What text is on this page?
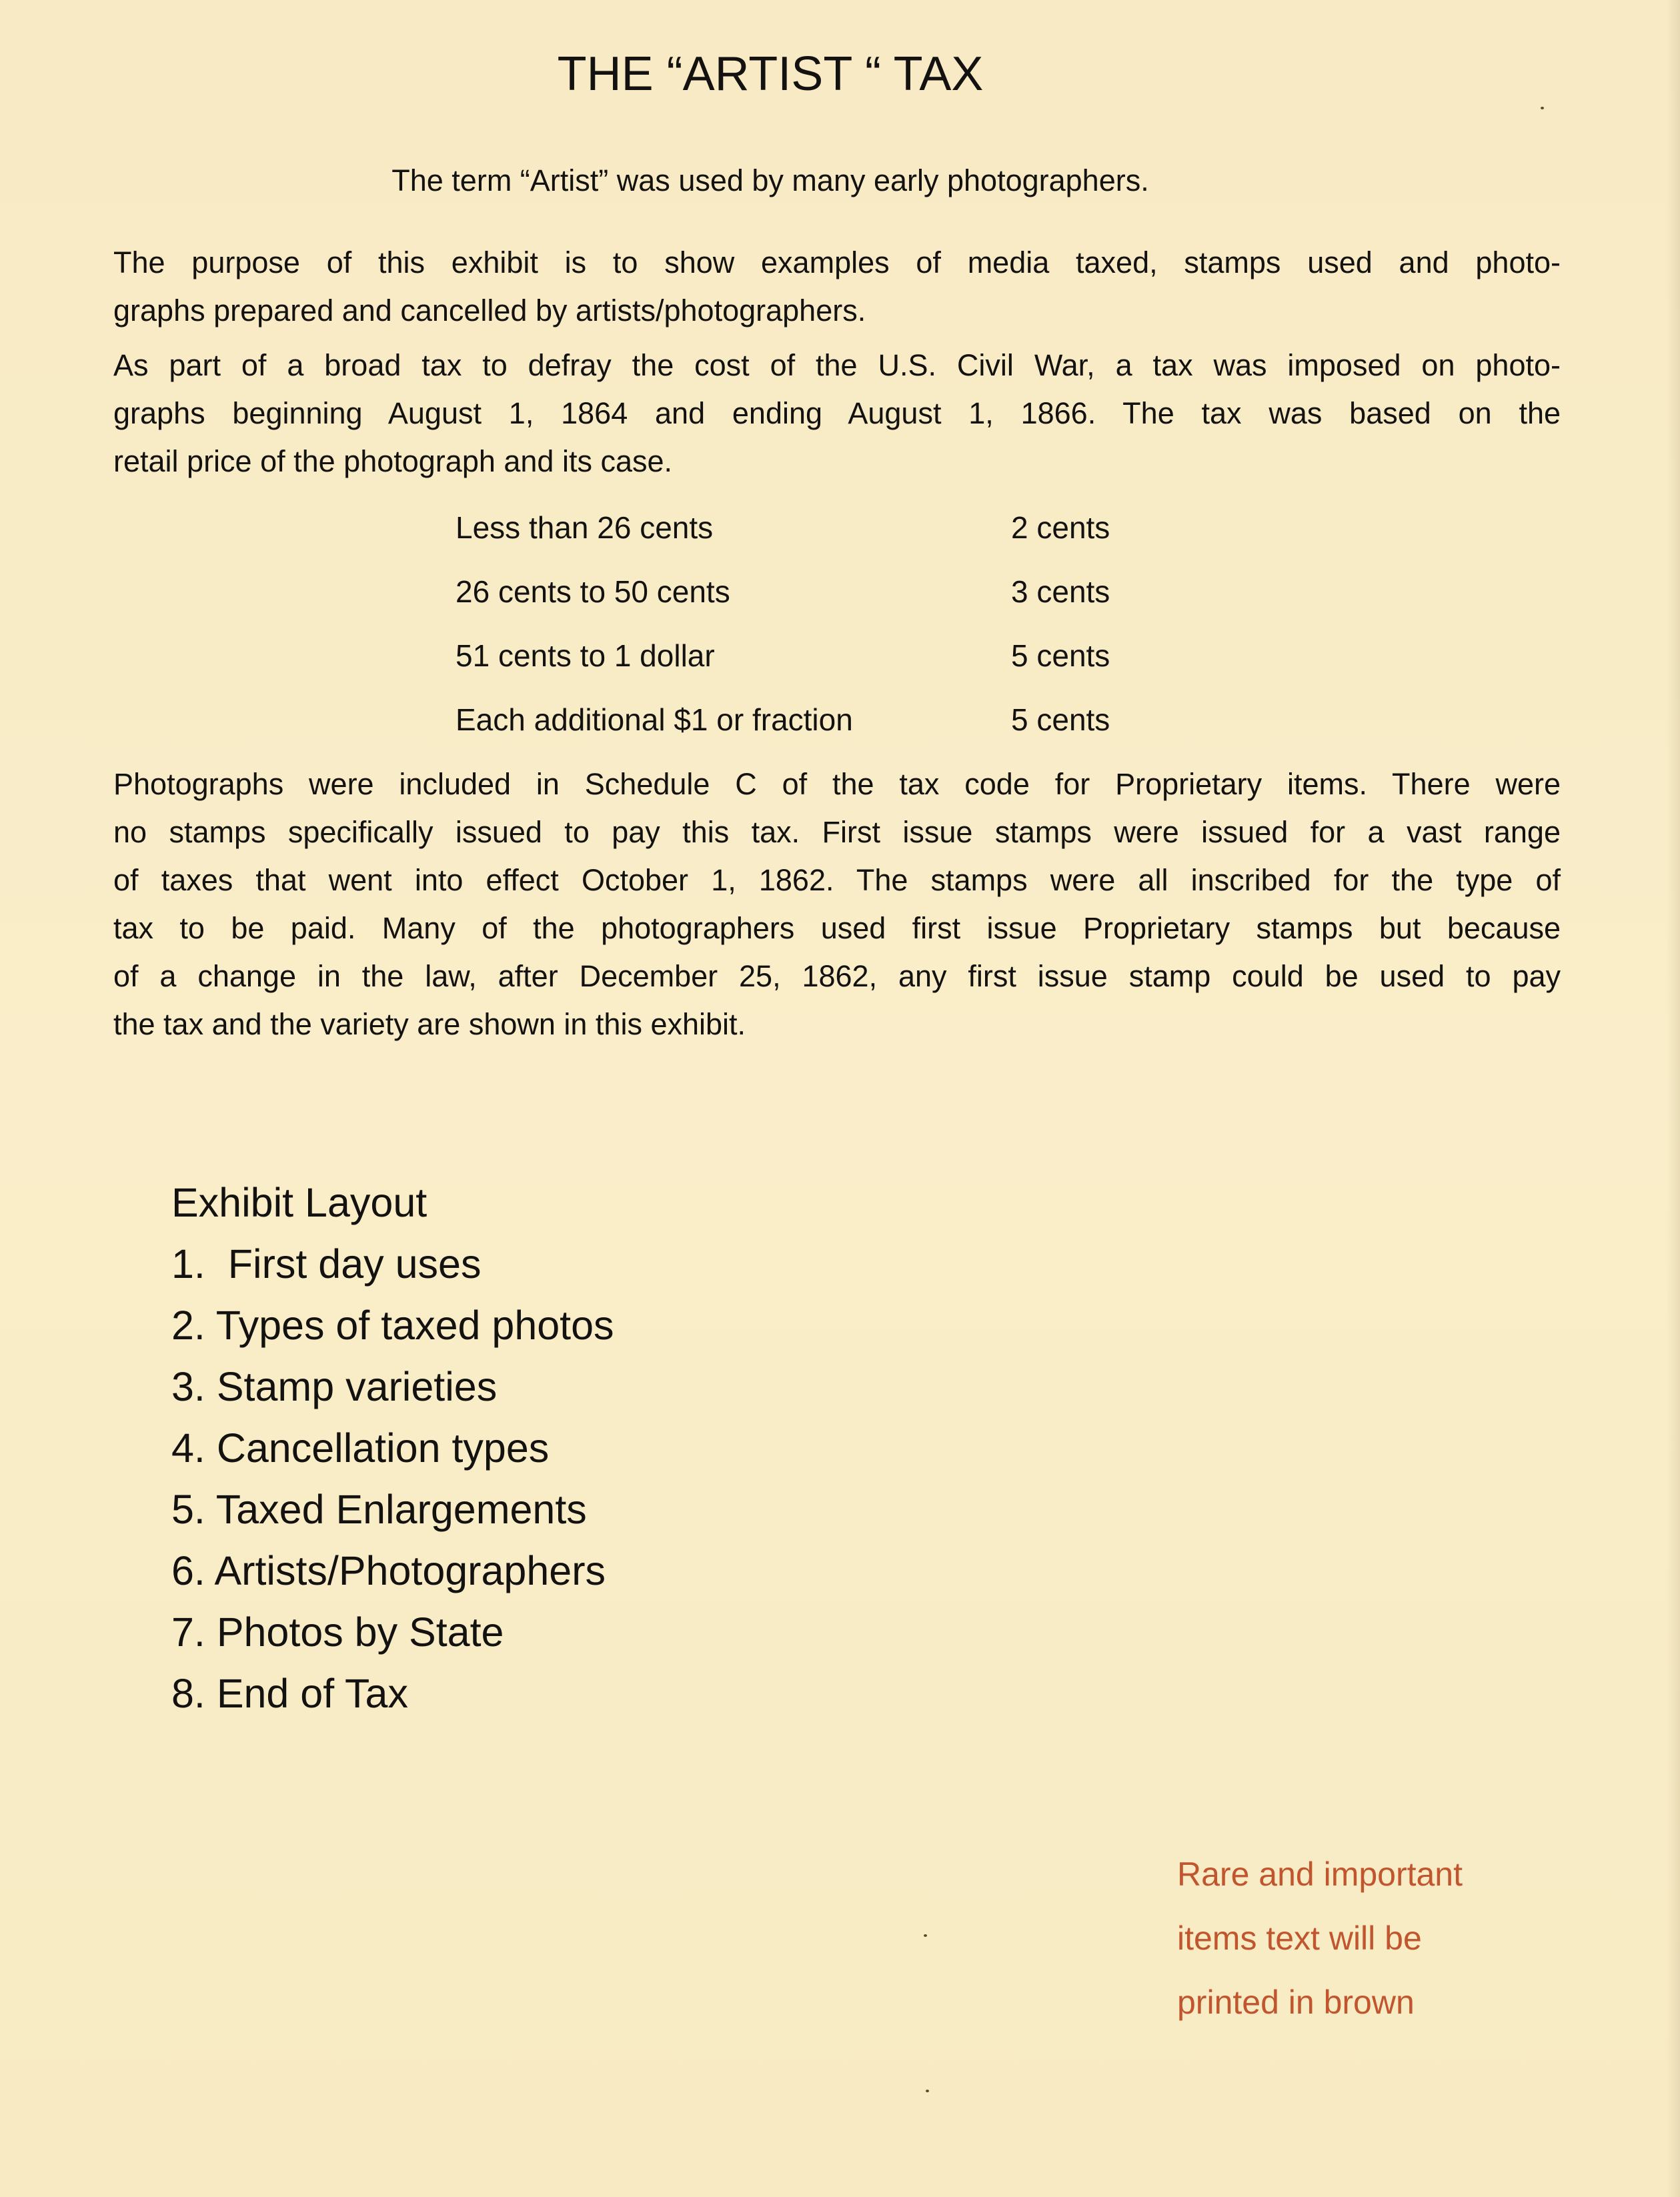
THE “ARTIST “ TAX
The term “Artist” was used by many early photographers.
The purpose of this exhibit is to show examples of media taxed, stamps used and photo-
graphs prepared and cancelled by artists/photographers.
As part of a broad tax to defray the cost of the U.S. Civil War, a tax was imposed on photo-
graphs beginning August 1, 1864 and ending August 1, 1866. The tax was based on the
retail price of the photograph and its case.
Less than 26 cents	2 cents
26 cents to 50 cents	3 cents
51 cents to 1 dollar	5 cents
Each additional $1 or fraction	5 cents
Photographs were included in Schedule C of the tax code for Proprietary items. There were
no stamps specifically issued to pay this tax. First issue stamps were issued for a vast range
of taxes that went into effect October 1, 1862. The stamps were all inscribed for the type of
tax to be paid. Many of the photographers used first issue Proprietary stamps but because
of a change in the law, after December 25, 1862, any first issue stamp could be used to pay
the tax and the variety are shown in this exhibit.
Exhibit Layout
1.  First day uses
2. Types of taxed photos
3. Stamp varieties
4. Cancellation types
5. Taxed Enlargements
6. Artists/Photographers
7. Photos by State
8. End of Tax
Rare and important
items text will be
printed in brown
